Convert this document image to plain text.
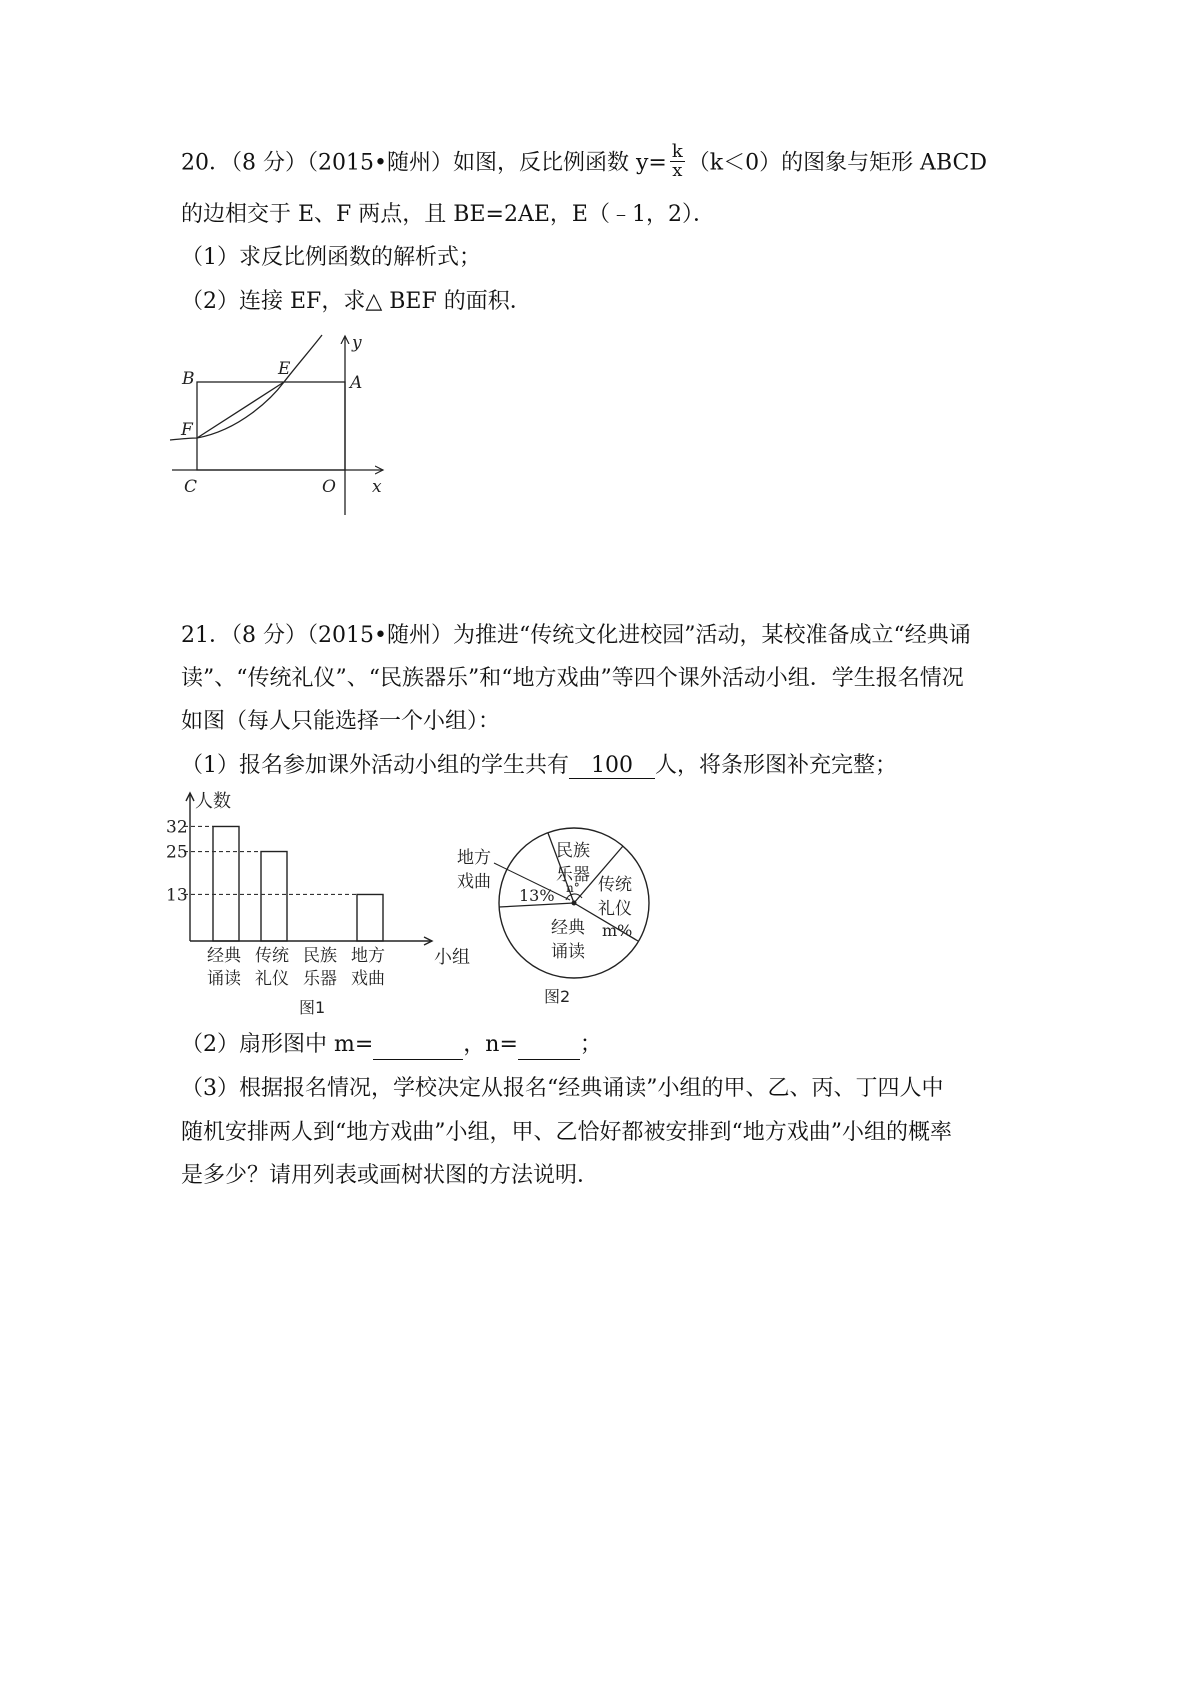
20．（8 分）（2015•随州）如图，反比例函数 $y= \frac{k}{x} (k<0)$的图象与矩形 ABCD
的边相交于 E、F 两点，且 BE=2AE，E（﹣1，2）．
（1）求反比例函数的解析式；
（2）连接 EF，求△ BEF 的面积．
B	E
A
F
C	O x
y
21．（8 分）（2015•随州）为推进“传统文化进校园”活动，某校准备成立“经典诵
读”、“传统礼仪”、“民族器乐”和“地方戏曲”等四个课外活动小组．学生报名情况
如图（每人只能选择一个小组）：
（1）报名参加课外活动小组的学生共有 100 人，将条形图补充完整；
人数
小组
32
经典
诵读
25
传统
礼仪
民族
乐器
13
地方
戏曲
图1
地方
戏曲
13%
民族
乐器
n° 传统
礼仪
m%
经典
诵读
图2
（2）扇形图中 m=	，n=	；
（3）根据报名情况，学校决定从报名“经典诵读”小组的甲、乙、丙、丁四人中
随机安排两人到“地方戏曲”小组，甲、乙恰好都被安排到“地方戏曲”小组的概率
是多少？请用列表或画树状图的方法说明．
